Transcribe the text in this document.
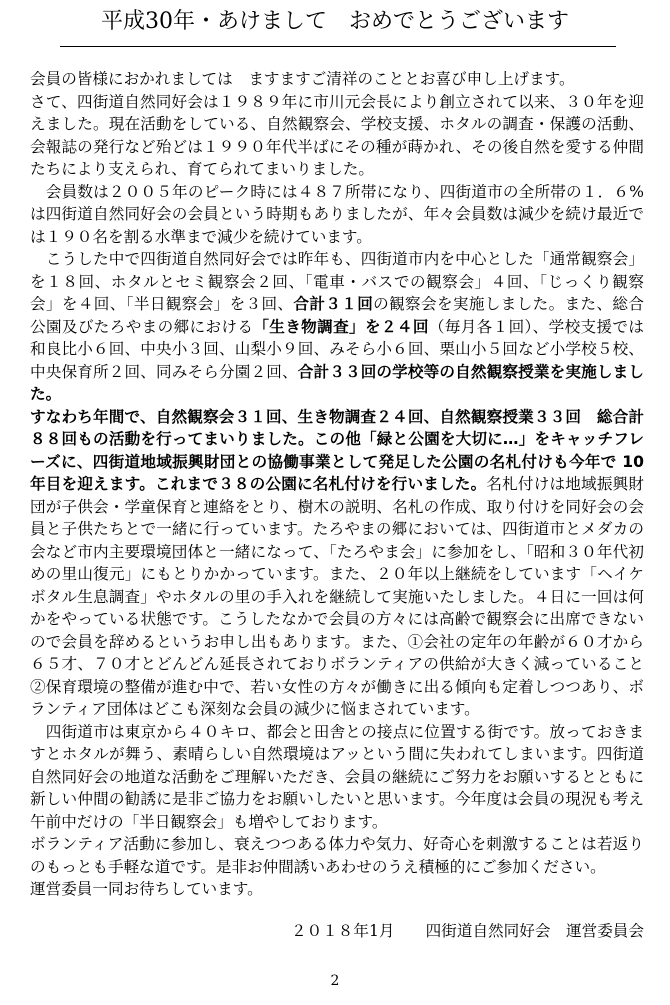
平成30年・あけまして　おめでとうございます

会員の皆様におかれましては　ますますご清祥のこととお喜び申し上げます。

さて、四街道自然同好会は１９８９年に市川元会長により創立されて以来、３０年を迎えました。現在活動をしている、自然観察会、学校支援、ホタルの調査・保護の活動、会報誌の発行など殆どは１９９０年代半ばにその種が蒔かれ、その後自然を愛する仲間たちにより支えられ、育てられてまいりました。

　会員数は２００５年のピーク時には４８７所帯になり、四街道市の全所帯の１．６%は四街道自然同好会の会員という時期もありましたが、年々会員数は減少を続け最近では１９０名を割る水準まで減少を続けています。

　こうした中で四街道自然同好会では昨年も、四街道市内を中心とした「通常観察会」を１８回、ホタルとセミ観察会２回、「電車・バスでの観察会」４回、「じっくり観察会」を４回、「半日観察会」を３回、合計３１回の観察会を実施しました。また、総合公園及びたろやまの郷における「生き物調査」を２４回（毎月各１回）、学校支援では和良比小６回、中央小３回、山梨小９回、みそら小６回、栗山小５回など小学校５校、中央保育所２回、同みそら分園２回、合計３３回の学校等の自然観察授業を実施しました。

すなわち年間で、自然観察会３１回、生き物調査２４回、自然観察授業３３回　総合計８８回もの活動を行ってまいりました。この他「緑と公園を大切に…」をキャッチフレーズに、四街道地域振興財団との協働事業として発足した公園の名札付けも今年で 10 年目を迎えます。これまで３８の公園に名札付けを行いました。名札付けは地域振興財団が子供会・学童保育と連絡をとり、樹木の説明、名札の作成、取り付けを同好会の会員と子供たちとで一緒に行っています。たろやまの郷においては、四街道市とメダカの会など市内主要環境団体と一緒になって、「たろやま会」に参加をし、「昭和３０年代初めの里山復元」にもとりかかっています。また、２０年以上継続をしています「ヘイケボタル生息調査」やホタルの里の手入れを継続して実施いたしました。４日に一回は何かをやっている状態です。こうしたなかで会員の方々には高齢で観察会に出席できないので会員を辞めるというお申し出もあります。また、①会社の定年の年齢が６０才から６５才、７０才とどんどん延長されておりボランティアの供給が大きく減っていること②保育環境の整備が進む中で、若い女性の方々が働きに出る傾向も定着しつつあり、ボランティア団体はどこも深刻な会員の減少に悩まされています。

　四街道市は東京から４０キロ、都会と田舎との接点に位置する街です。放っておきますとホタルが舞う、素晴らしい自然環境はアッという間に失われてしまいます。四街道自然同好会の地道な活動をご理解いただき、会員の継続にご努力をお願いするとともに新しい仲間の勧誘に是非ご協力をお願いしたいと思います。今年度は会員の現況も考え午前中だけの「半日観察会」も増やしております。

ボランティア活動に参加し、衰えつつある体力や気力、好奇心を刺激することは若返りのもっとも手軽な道です。是非お仲間誘いあわせのうえ積極的にご参加ください。

運営委員一同お待ちしています。

２０１８年1月　　四街道自然同好会　運営委員会
2
